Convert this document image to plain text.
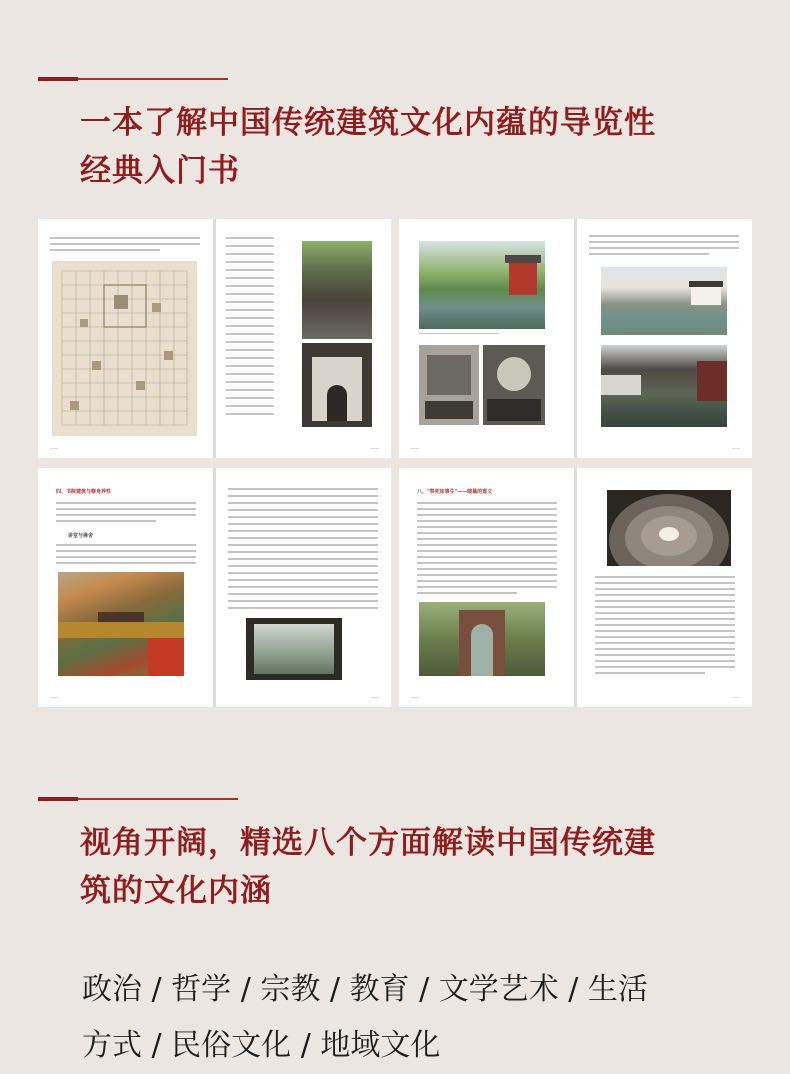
一本了解中国传统建筑文化内蕴的导览性
经典入门书
——	——	——	——
四、书院建筑与修身养性
讲堂与斋舍
——	——
八、"祭死如事生"——陵墓的意义
——	——
视角开阔，精选八个方面解读中国传统建
筑的文化内涵
政治 / 哲学 / 宗教 / 教育 / 文学艺术 / 生活
方式 / 民俗文化 / 地域文化
